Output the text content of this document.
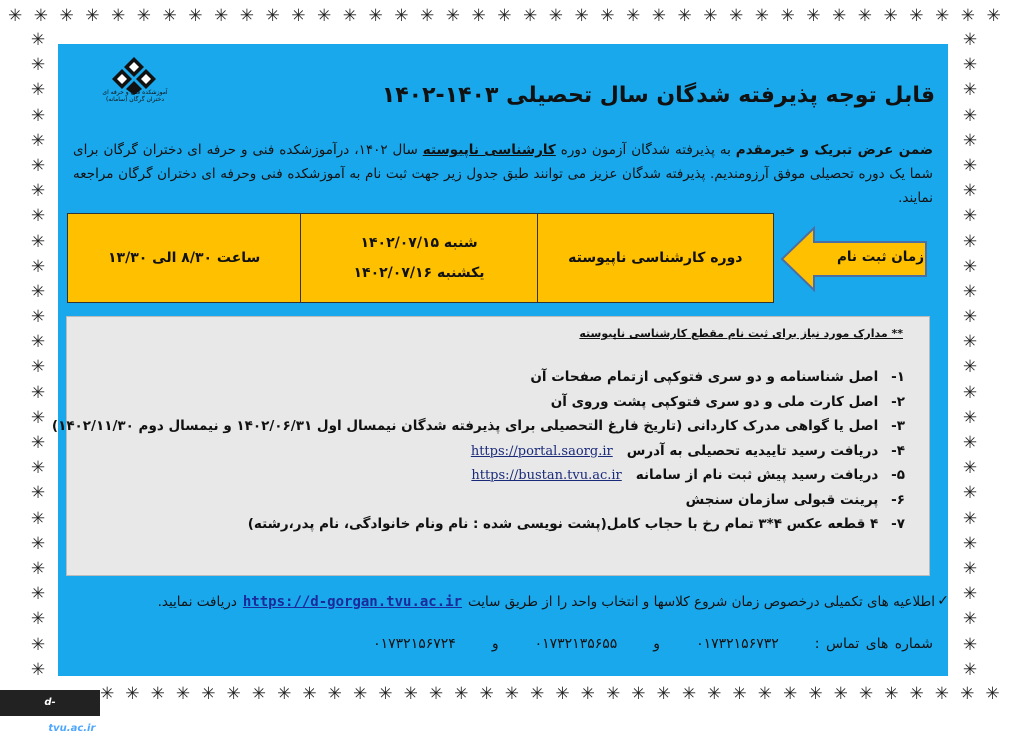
✳ ✳ ✳ ✳ ✳ ✳ ✳ ✳ ✳ ✳ ✳ ✳ ✳ ✳ ✳ ✳ ✳ ✳ ✳ ✳ ✳ ✳ ✳ ✳ ✳ ✳ ✳ ✳ ✳ ✳ ✳ ✳ ✳ ✳ ✳ ✳ ✳ ✳ ✳
✳ ✳ ✳ ✳ ✳ ✳ ✳ ✳ ✳ ✳ ✳ ✳ ✳ ✳ ✳ ✳ ✳ ✳ ✳ ✳ ✳ ✳ ✳ ✳ ✳ ✳ ✳ ✳ ✳ ✳ ✳ ✳ ✳ ✳ ✳ ✳
✳
✳
✳
✳
✳
✳
✳
✳
✳
✳
✳
✳
✳
✳
✳
✳
✳
✳
✳
✳
✳
✳
✳
✳
✳
✳
✳
✳
✳
✳
✳
✳
✳
✳
✳
✳
✳
✳
✳
✳
✳
✳
✳
✳
✳
✳
✳
✳
✳
✳
✳
✳
آموزشکده فنی و حرفه ای دختران گرگان (سامانه)	قابل توجه پذیرفته شدگان سال تحصیلی ۱۴۰۳-۱۴۰۲
ضمن عرض تبریک و خیرمقدم به پذیرفته شدگان آزمون دوره کارشناسی ناپیوسته سال ۱۴۰۲، درآموزشکده فنی و حرفه ای دختران گرگان برای شما یک دوره تحصیلی موفق آرزومندیم. پذیرفته شدگان عزیز می توانند طبق جدول زیر جهت ثبت نام به آموزشکده فنی وحرفه ای دختران گرگان مراجعه نمایند.
زمان ثبت نام
دوره کارشناسی ناپیوسته
شنبه ۱۴۰۲/۰۷/۱۵
یکشنبه ۱۴۰۲/۰۷/۱۶
ساعت ۸/۳۰ الی ۱۳/۳۰
** مدارک مورد نیاز برای ثبت نام مقطع کارشناسی ناپیوسته
۱- اصل شناسنامه و دو سری فتوکپی ازتمام صفحات آن
۲- اصل کارت ملی و دو سری فتوکپی پشت وروی آن
۳- اصل یا گواهی مدرک کاردانی (تاریخ فارغ التحصیلی برای پذیرفته شدگان نیمسال اول ۱۴۰۲/۰۶/۳۱ و نیمسال دوم ۱۴۰۲/۱۱/۳۰)
۴- دریافت رسید تاییدیه تحصیلی به آدرسhttps://portal.saorg.ir
۵- دریافت رسید پیش ثبت نام از سامانهhttps://bustan.tvu.ac.ir
۶- پرینت قبولی سازمان سنجش
۷- ۴ قطعه عکس ۴*۳ تمام رخ با حجاب کامل(پشت نویسی شده : نام ونام خانوادگی، نام پدر،رشته)
✓
اطلاعیه های تکمیلی درخصوص زمان شروع کلاسها و انتخاب واحد را از طریق سایتhttps://d-gorgan.tvu.ac.irدریافت نمایید.
شماره های تماس :۰۱۷۳۲۱۵۶۷۳۲و۰۱۷۳۲۱۳۵۶۵۵و۰۱۷۳۲۱۵۶۷۲۴
d-gorgan.tvu.ac.ir
